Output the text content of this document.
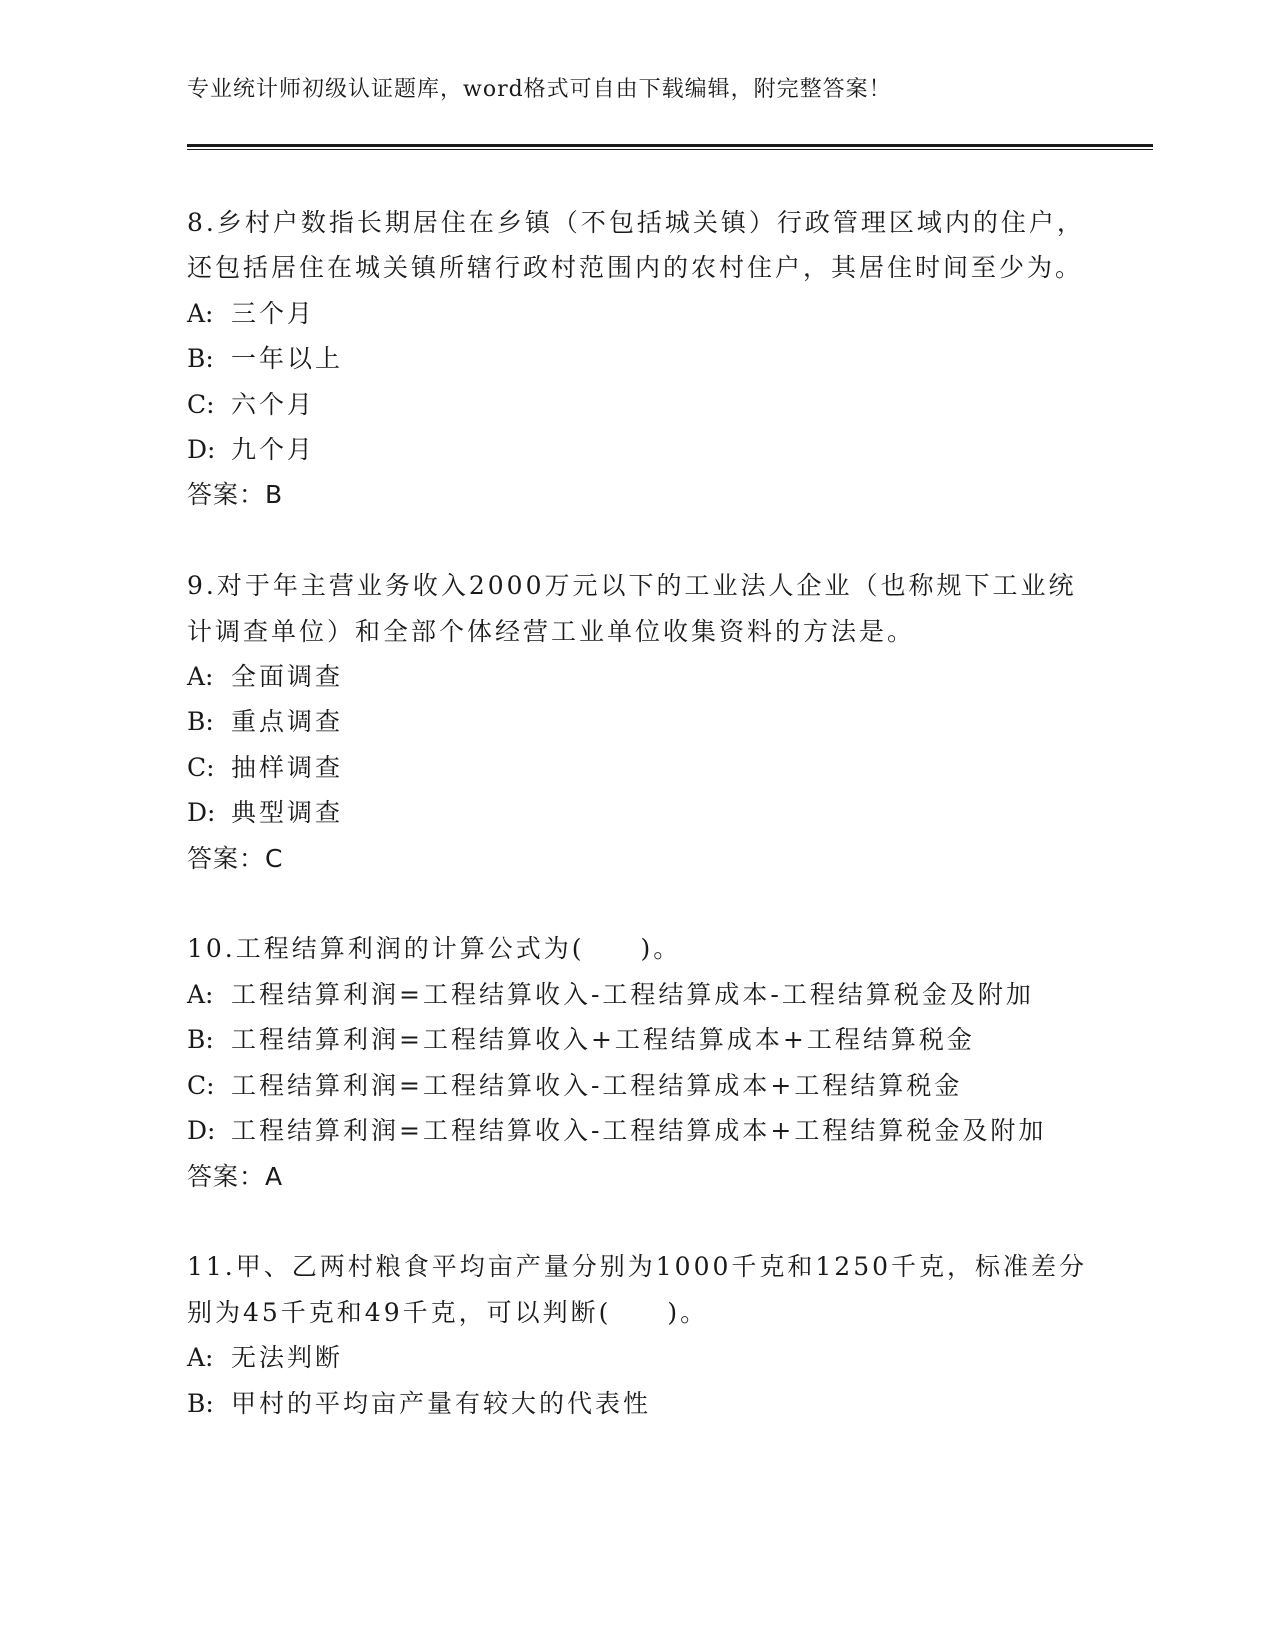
专业统计师初级认证题库，word格式可自由下载编辑，附完整答案！

8.乡村户数指长期居住在乡镇（不包括城关镇）行政管理区域内的住户，还包括居住在城关镇所辖行政村范围内的农村住户，其居住时间至少为。

A: 三个月

B: 一年以上

C: 六个月

D: 九个月

答案：B

9.对于年主营业务收入2000万元以下的工业法人企业（也称规下工业统计调查单位）和全部个体经营工业单位收集资料的方法是。

A: 全面调查

B: 重点调查

C: 抽样调查

D: 典型调查

答案：C

10.工程结算利润的计算公式为(　　)。

A: 工程结算利润=工程结算收入-工程结算成本-工程结算税金及附加

B: 工程结算利润=工程结算收入+工程结算成本+工程结算税金

C: 工程结算利润=工程结算收入-工程结算成本+工程结算税金

D: 工程结算利润=工程结算收入-工程结算成本+工程结算税金及附加

答案：A

11.甲、乙两村粮食平均亩产量分别为1000千克和1250千克，标准差分别为45千克和49千克，可以判断(　　)。

A: 无法判断

B: 甲村的平均亩产量有较大的代表性
